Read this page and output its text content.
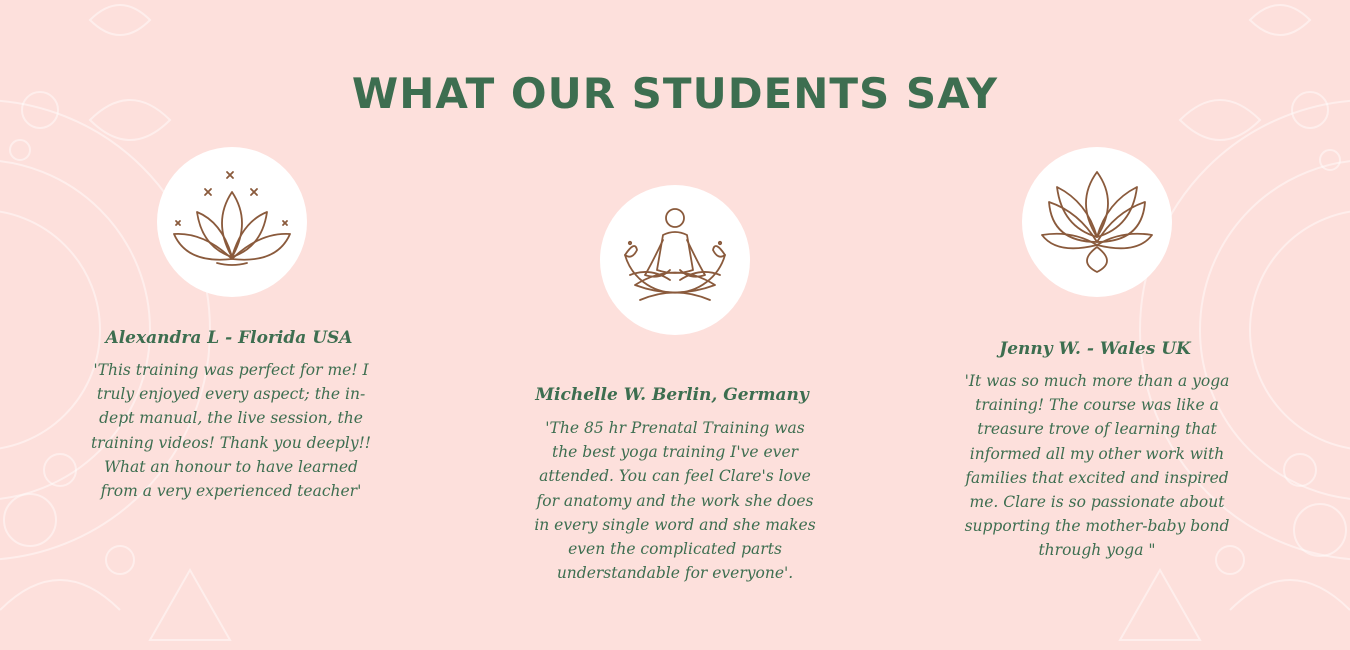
WHAT OUR STUDENTS SAY

Alexandra L - Florida USA

'This training was perfect for me! I
truly enjoyed every aspect; the in-
dept manual, the live session, the
training videos! Thank you deeply!!
What an honour to have learned
from a very experienced teacher'

Michelle W. Berlin, Germany

'The 85 hr Prenatal Training was
the best yoga training I've ever
attended. You can feel Clare's love
for anatomy and the work she does
in every single word and she makes
even the complicated parts
understandable for everyone'.

Jenny W. - Wales UK

'It was so much more than a yoga
training! The course was like a
treasure trove of learning that
informed all my other work with
families that excited and inspired
me. Clare is so passionate about
supporting the mother-baby bond
through yoga "
